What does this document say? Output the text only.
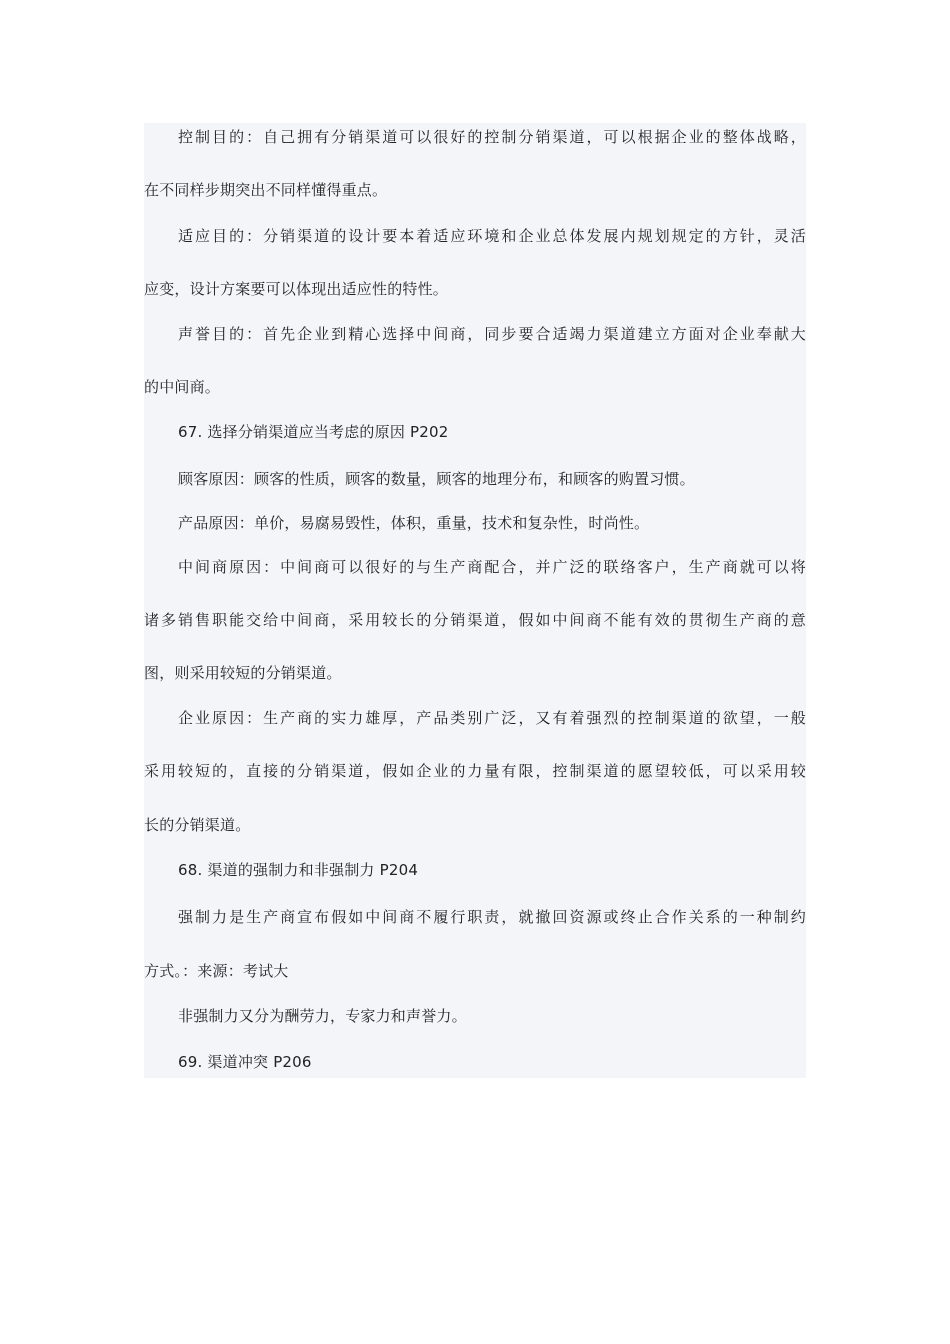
控制目的：自己拥有分销渠道可以很好的控制分销渠道，可以根据企业的整体战略，
在不同样步期突出不同样懂得重点。
适应目的：分销渠道的设计要本着适应环境和企业总体发展内规划规定的方针，灵活
应变，设计方案要可以体现出适应性的特性。
声誉目的：首先企业到精心选择中间商，同步要合适竭力渠道建立方面对企业奉献大
的中间商。
67. 选择分销渠道应当考虑的原因 P202
顾客原因：顾客的性质，顾客的数量，顾客的地理分布，和顾客的购置习惯。
产品原因：单价，易腐易毁性，体积，重量，技术和复杂性，时尚性。
中间商原因：中间商可以很好的与生产商配合，并广泛的联络客户，生产商就可以将
诸多销售职能交给中间商，采用较长的分销渠道，假如中间商不能有效的贯彻生产商的意
图，则采用较短的分销渠道。
企业原因：生产商的实力雄厚，产品类别广泛，又有着强烈的控制渠道的欲望，一般
采用较短的，直接的分销渠道，假如企业的力量有限，控制渠道的愿望较低，可以采用较
长的分销渠道。
68. 渠道的强制力和非强制力 P204
强制力是生产商宣布假如中间商不履行职责，就撤回资源或终止合作关系的一种制约
方式。：来源：考试大
非强制力又分为酬劳力，专家力和声誉力。
69. 渠道冲突 P206
